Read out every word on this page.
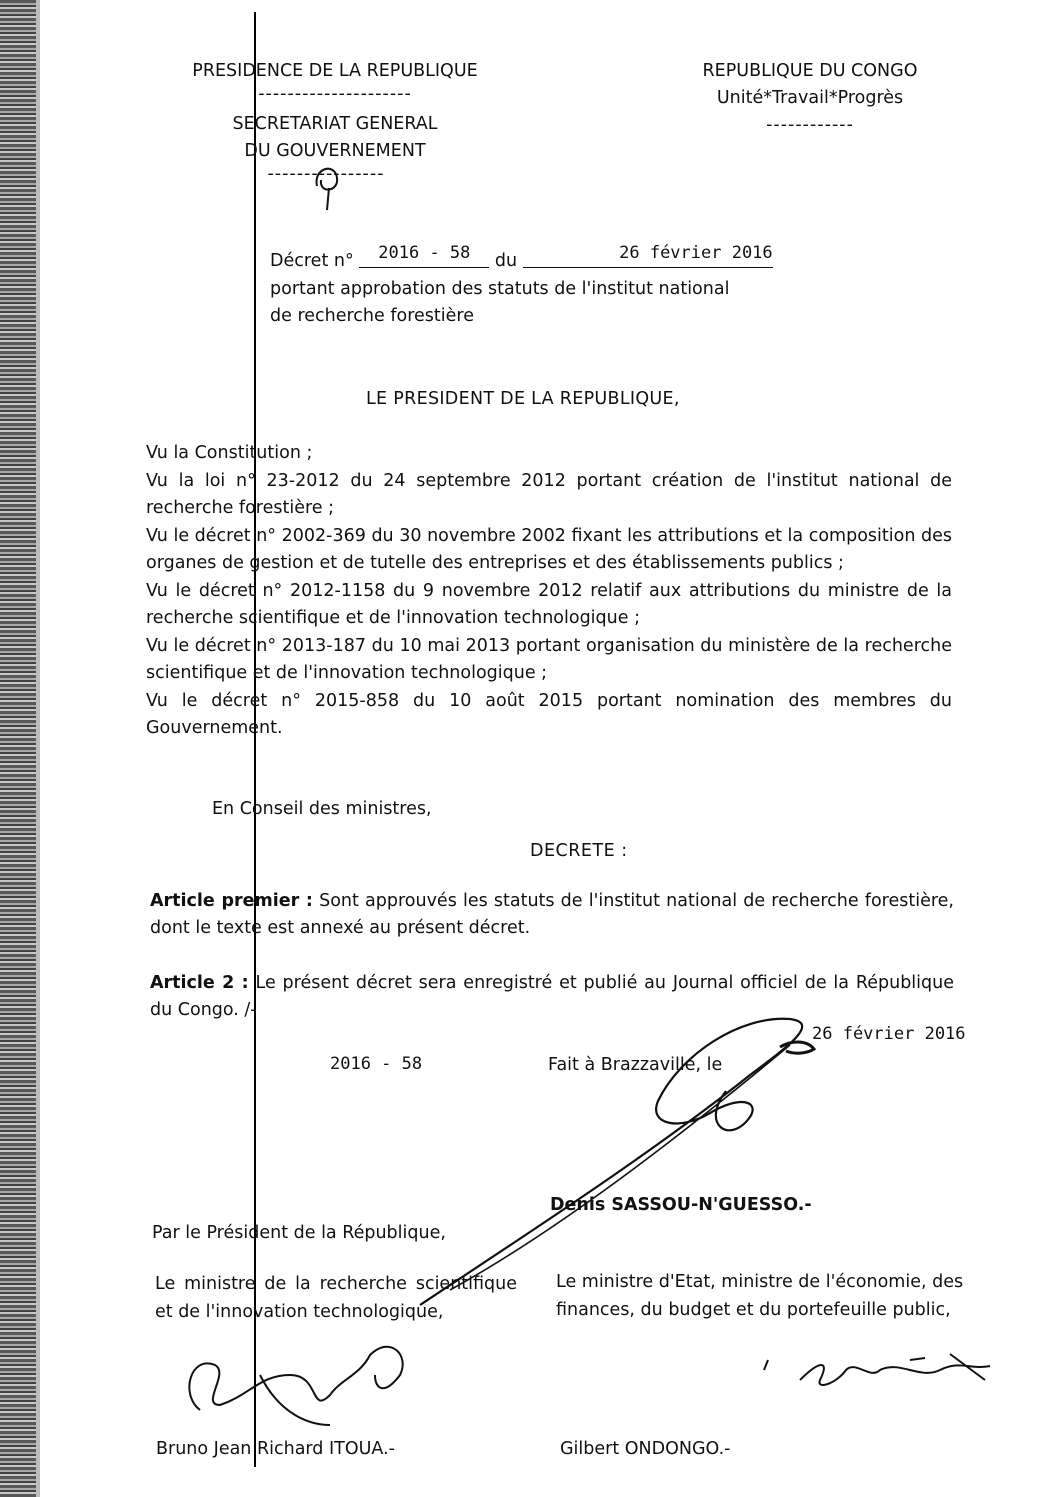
PRESIDENCE DE LA REPUBLIQUE
---------------------
SECRETARIAT GENERAL
DU GOUVERNEMENT
----------------
REPUBLIQUE DU CONGO
Unité*Travail*Progrès
------------
Décret n° 2016 - 58 du	26 février 2016
portant approbation des statuts de l'institut national
de recherche forestière
LE PRESIDENT DE LA REPUBLIQUE,

Vu la Constitution ;

Vu la loi n° 23-2012 du 24 septembre 2012 portant création de l'institut national de recherche forestière ;

Vu le décret n° 2002-369 du 30 novembre 2002 fixant les attributions et la composition des organes de gestion et de tutelle des entreprises et des établissements publics ;

Vu le décret n° 2012-1158 du 9 novembre 2012 relatif aux attributions du ministre de la recherche scientifique et de l'innovation technologique ;

Vu le décret n° 2013-187 du 10 mai 2013 portant organisation du ministère de la recherche scientifique et de l'innovation technologique ;

Vu le décret n° 2015-858 du 10 août 2015 portant nomination des membres du Gouvernement.

En Conseil des ministres,
DECRETE :
Article premier : Sont approuvés les statuts de l'institut national de recherche forestière, dont le texte est annexé au présent décret.
Article 2 : Le présent décret sera enregistré et publié au Journal officiel de la République du Congo. /-
26 février 2016
2016 - 58	Fait à Brazzaville, le
Denis SASSOU-N'GUESSO.-
Par le Président de la République,
Le ministre de la recherche scientifique et de l'innovation technologique,
Le ministre d'Etat, ministre de l'économie, des finances, du budget et du portefeuille public,
Bruno Jean Richard ITOUA.-	Gilbert ONDONGO.-
